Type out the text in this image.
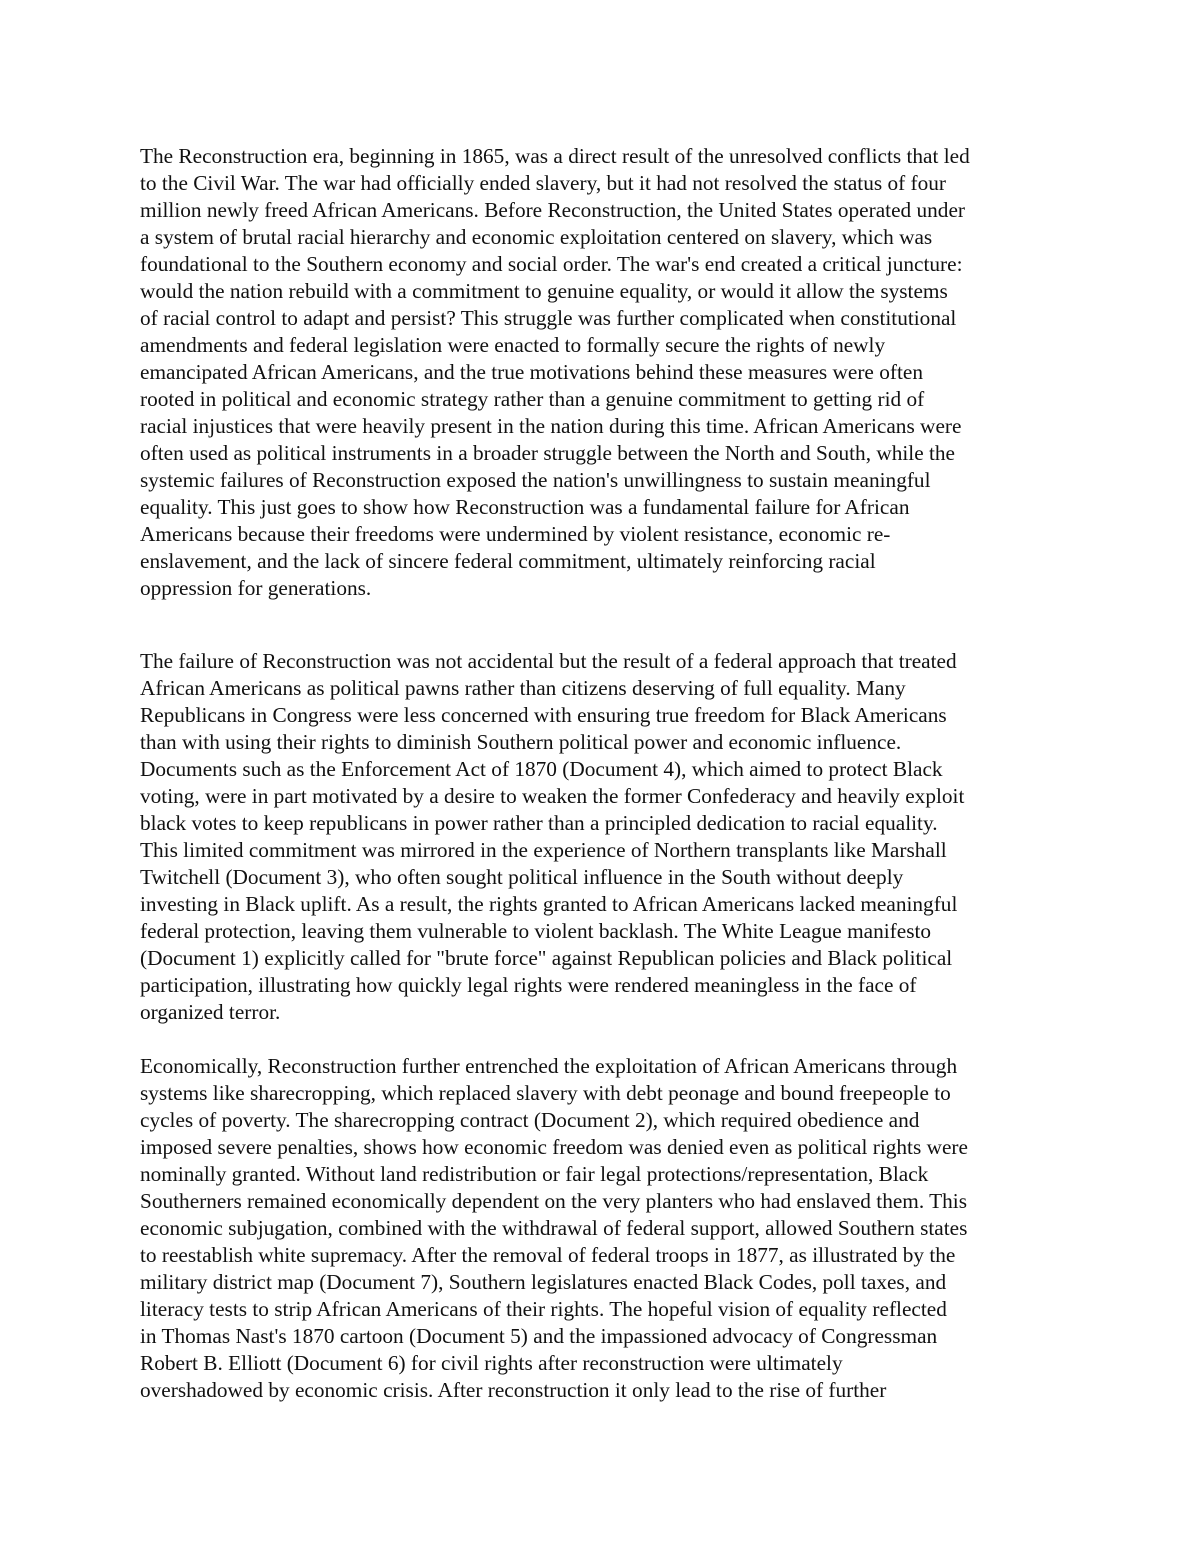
The Reconstruction era, beginning in 1865, was a direct result of the unresolved conflicts that led
to the Civil War. The war had officially ended slavery, but it had not resolved the status of four
million newly freed African Americans. Before Reconstruction, the United States operated under
a system of brutal racial hierarchy and economic exploitation centered on slavery, which was
foundational to the Southern economy and social order. The war's end created a critical juncture:
would the nation rebuild with a commitment to genuine equality, or would it allow the systems
of racial control to adapt and persist? This struggle was further complicated when constitutional
amendments and federal legislation were enacted to formally secure the rights of newly
emancipated African Americans, and the true motivations behind these measures were often
rooted in political and economic strategy rather than a genuine commitment to getting rid of
racial injustices that were heavily present in the nation during this time. African Americans were
often used as political instruments in a broader struggle between the North and South, while the
systemic failures of Reconstruction exposed the nation's unwillingness to sustain meaningful
equality. This just goes to show how Reconstruction was a fundamental failure for African
Americans because their freedoms were undermined by violent resistance, economic re-
enslavement, and the lack of sincere federal commitment, ultimately reinforcing racial
oppression for generations.
The failure of Reconstruction was not accidental but the result of a federal approach that treated
African Americans as political pawns rather than citizens deserving of full equality. Many
Republicans in Congress were less concerned with ensuring true freedom for Black Americans
than with using their rights to diminish Southern political power and economic influence.
Documents such as the Enforcement Act of 1870 (Document 4), which aimed to protect Black
voting, were in part motivated by a desire to weaken the former Confederacy and heavily exploit
black votes to keep republicans in power rather than a principled dedication to racial equality.
This limited commitment was mirrored in the experience of Northern transplants like Marshall
Twitchell (Document 3), who often sought political influence in the South without deeply
investing in Black uplift. As a result, the rights granted to African Americans lacked meaningful
federal protection, leaving them vulnerable to violent backlash. The White League manifesto
(Document 1) explicitly called for "brute force" against Republican policies and Black political
participation, illustrating how quickly legal rights were rendered meaningless in the face of
organized terror.
Economically, Reconstruction further entrenched the exploitation of African Americans through
systems like sharecropping, which replaced slavery with debt peonage and bound freepeople to
cycles of poverty. The sharecropping contract (Document 2), which required obedience and
imposed severe penalties, shows how economic freedom was denied even as political rights were
nominally granted. Without land redistribution or fair legal protections/representation, Black
Southerners remained economically dependent on the very planters who had enslaved them. This
economic subjugation, combined with the withdrawal of federal support, allowed Southern states
to reestablish white supremacy. After the removal of federal troops in 1877, as illustrated by the
military district map (Document 7), Southern legislatures enacted Black Codes, poll taxes, and
literacy tests to strip African Americans of their rights. The hopeful vision of equality reflected
in Thomas Nast's 1870 cartoon (Document 5) and the impassioned advocacy of Congressman
Robert B. Elliott (Document 6) for civil rights after reconstruction were ultimately
overshadowed by economic crisis. After reconstruction it only lead to the rise of further
